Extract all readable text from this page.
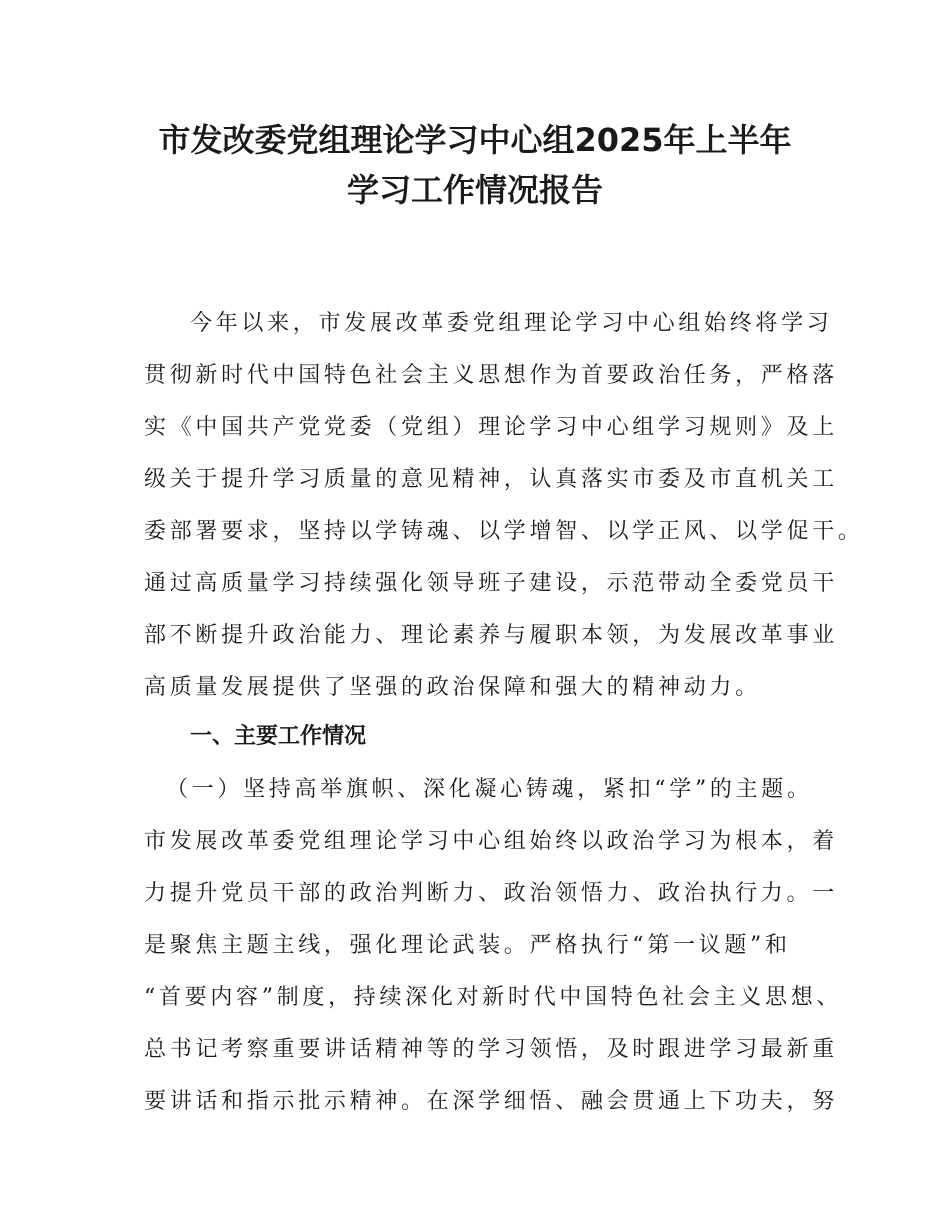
市发改委党组理论学习中心组2025年上半年
学习工作情况报告
今年以来，市发展改革委党组理论学习中心组始终将学习
贯彻新时代中国特色社会主义思想作为首要政治任务，严格落
实《中国共产党党委（党组）理论学习中心组学习规则》及上
级关于提升学习质量的意见精神，认真落实市委及市直机关工
委部署要求，坚持以学铸魂、以学增智、以学正风、以学促干。
通过高质量学习持续强化领导班子建设，示范带动全委党员干
部不断提升政治能力、理论素养与履职本领，为发展改革事业
高质量发展提供了坚强的政治保障和强大的精神动力。
一、主要工作情况
（一）坚持高举旗帜、深化凝心铸魂，紧扣“学”的主题。
市发展改革委党组理论学习中心组始终以政治学习为根本，着
力提升党员干部的政治判断力、政治领悟力、政治执行力。一
是聚焦主题主线，强化理论武装。严格执行“第一议题”和
“首要内容”制度，持续深化对新时代中国特色社会主义思想、
总书记考察重要讲话精神等的学习领悟，及时跟进学习最新重
要讲话和指示批示精神。在深学细悟、融会贯通上下功夫，努
